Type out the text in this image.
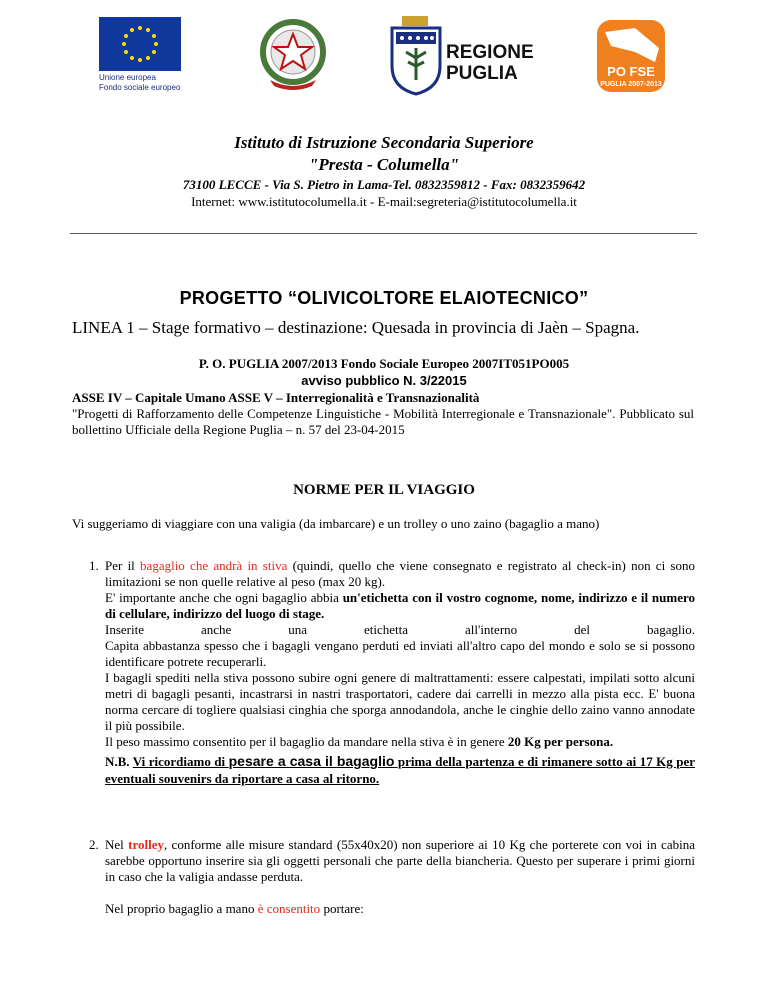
Unione europea
Fondo sociale europeo
REGIONE
PUGLIA	PO FSE
PUGLIA 2007-2013
Istituto di Istruzione Secondaria Superiore
"Presta - Columella"
73100 LECCE - Via S. Pietro in Lama-Tel. 0832359812 - Fax: 0832359642
Internet: www.istitutocolumella.it - E-mail:segreteria@istitutocolumella.it
PROGETTO “OLIVICOLTORE ELAIOTECNICO”
LINEA 1 – Stage formativo – destinazione: Quesada in provincia di Jaèn – Spagna.
P. O. PUGLIA 2007/2013 Fondo Sociale Europeo 2007IT051PO005
avviso pubblico N. 3/22015
ASSE IV – Capitale Umano ASSE V – Interregionalità e Transnazionalità
"Progetti di Rafforzamento delle Competenze Linguistiche - Mobilità Interregionale e Transnazionale". Pubblicato sul bollettino Ufficiale della Regione Puglia – n. 57 del 23-04-2015
NORME PER IL VIAGGIO
Vi suggeriamo di viaggiare con una valigia (da imbarcare) e un trolley o uno zaino (bagaglio a mano)
1. Per il bagaglio che andrà in stiva (quindi, quello che viene consegnato e registrato al check-in) non ci sono limitazioni se non quelle relative al peso (max 20 kg).
E' importante anche che ogni bagaglio abbia un'etichetta con il vostro cognome, nome, indirizzo e il numero di cellulare, indirizzo del luogo di stage.
Inserite	anche	una	etichetta	all'interno	del	bagaglio.
Capita abbastanza spesso che i bagagli vengano perduti ed inviati all'altro capo del mondo e solo se si possono identificare potrete recuperarli.
I bagagli spediti nella stiva possono subire ogni genere di maltrattamenti: essere calpestati, impilati sotto alcuni metri di bagagli pesanti, incastrarsi in nastri trasportatori, cadere dai carrelli in mezzo alla pista ecc. E' buona norma cercare di togliere qualsiasi cinghia che sporga annodandola, anche le cinghie dello zaino vanno annodate il più possibile.
Il peso massimo consentito per il bagaglio da mandare nella stiva è in genere 20 Kg per persona.
N.B. Vi ricordiamo di pesare a casa il bagaglio prima della partenza e di rimanere sotto ai 17 Kg per eventuali souvenirs da riportare a casa al ritorno.
2. Nel trolley, conforme alle misure standard (55x40x20) non superiore ai 10 Kg che porterete con voi in cabina sarebbe opportuno inserire sia gli oggetti personali che parte della biancheria. Questo per superare i primi giorni in caso che la valigia andasse perduta.
Nel proprio bagaglio a mano è consentito portare:
